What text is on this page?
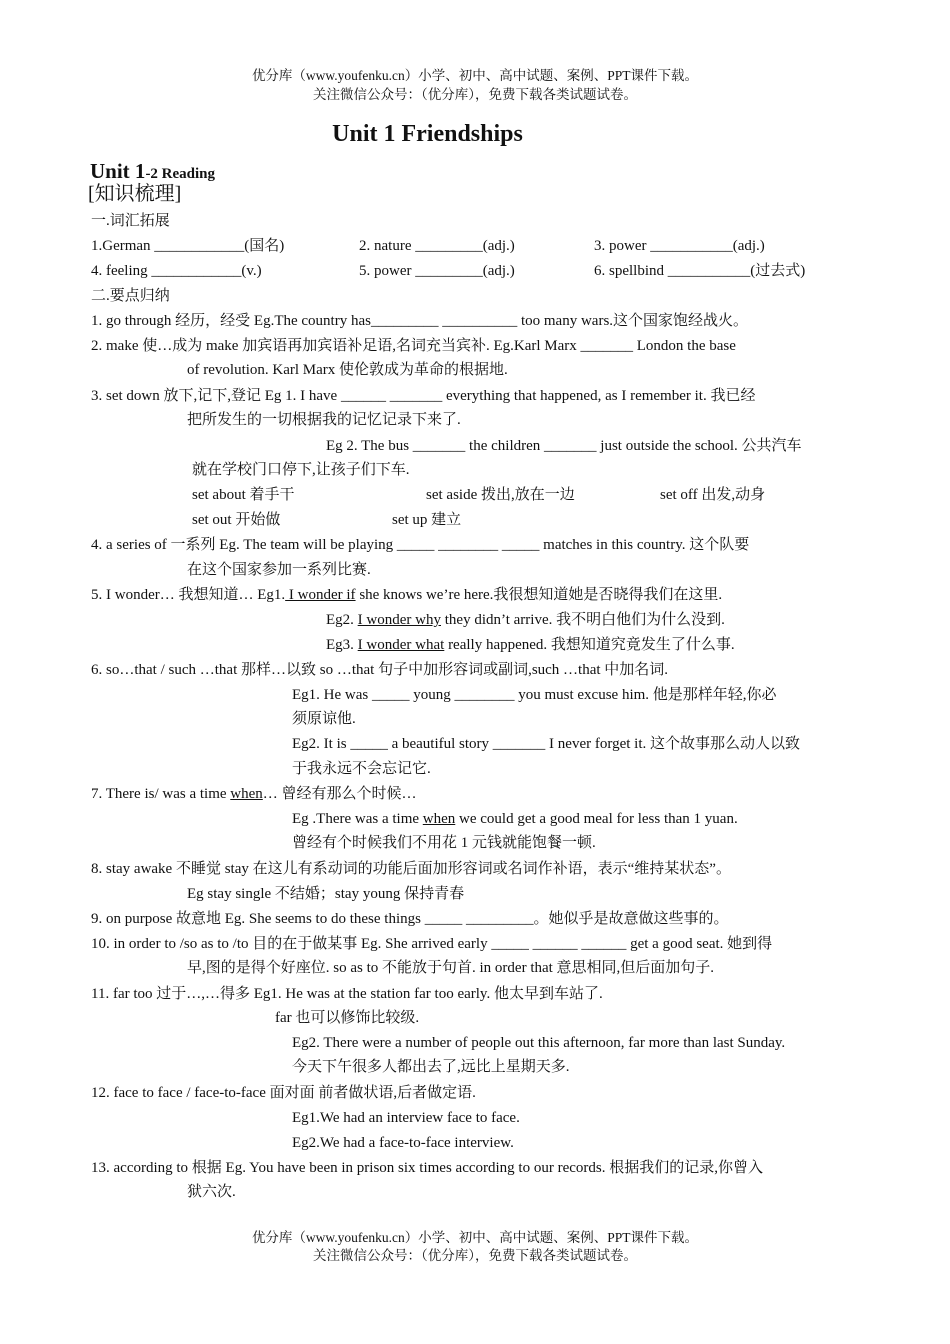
优分库（www.youfenku.cn）小学、初中、高中试题、案例、PPT课件下载。
关注微信公众号：（优分库），免费下载各类试题试卷。
Unit 1 Friendships
Unit 1-2 Reading
[知识梳理]
一.词汇拓展
1.German ____________(国名)	2. nature _________(adj.)	3. power ___________(adj.)
4. feeling ____________(v.)	5. power _________(adj.)	6. spellbind ___________(过去式)
二.要点归纳
1. go through 经历，经受 Eg.The country has_________ __________ too many wars.这个国家饱经战火。
2. make 使…成为 make 加宾语再加宾语补足语,名词充当宾补. Eg.Karl Marx _______ London the base
of revolution. Karl Marx 使伦敦成为革命的根据地.
3. set down 放下,记下,登记 Eg 1. I have ______ _______ everything that happened, as I remember it. 我已经
把所发生的一切根据我的记忆记录下来了.
Eg 2. The bus _______ the children _______ just outside the school. 公共汽车
就在学校门口停下,让孩子们下车.
set about 着手干	set aside 拨出,放在一边	set off 出发,动身
set out 开始做	set up 建立
4. a series of 一系列 Eg. The team will be playing _____ ________ _____ matches in this country. 这个队要
在这个国家参加一系列比赛.
5. I wonder… 我想知道… Eg1. I wonder if she knows we’re here.我很想知道她是否晓得我们在这里.
Eg2. I wonder why they didn’t arrive. 我不明白他们为什么没到.
Eg3. I wonder what really happened. 我想知道究竟发生了什么事.
6. so…that / such …that 那样…以致 so …that 句子中加形容词或副词,such …that 中加名词.
Eg1. He was _____ young ________ you must excuse him. 他是那样年轻,你必
须原谅他.
Eg2. It is _____ a beautiful story _______ I never forget it. 这个故事那么动人以致
于我永远不会忘记它.
7. There is/ was a time when… 曾经有那么个时候…
Eg .There was a time when we could get a good meal for less than 1 yuan.
曾经有个时候我们不用花 1 元钱就能饱餐一顿.
8. stay awake 不睡觉 stay 在这儿有系动词的功能后面加形容词或名词作补语，表示“维持某状态”。
Eg stay single 不结婚；stay young 保持青春
9. on purpose 故意地 Eg. She seems to do these things _____ _________。她似乎是故意做这些事的。
10. in order to /so as to /to 目的在于做某事 Eg. She arrived early _____ ______ ______ get a good seat. 她到得
早,图的是得个好座位. so as to 不能放于句首. in order that 意思相同,但后面加句子.
11. far too 过于…,…得多 Eg1. He was at the station far too early. 他太早到车站了.
far 也可以修饰比较级.
Eg2. There were a number of people out this afternoon, far more than last Sunday.
今天下午很多人都出去了,远比上星期天多.
12. face to face / face-to-face 面对面 前者做状语,后者做定语.
Eg1.We had an interview face to face.
Eg2.We had a face-to-face interview.
13. according to 根据 Eg. You have been in prison six times according to our records. 根据我们的记录,你曾入
狱六次.
优分库（www.youfenku.cn）小学、初中、高中试题、案例、PPT课件下载。
关注微信公众号：（优分库），免费下载各类试题试卷。
